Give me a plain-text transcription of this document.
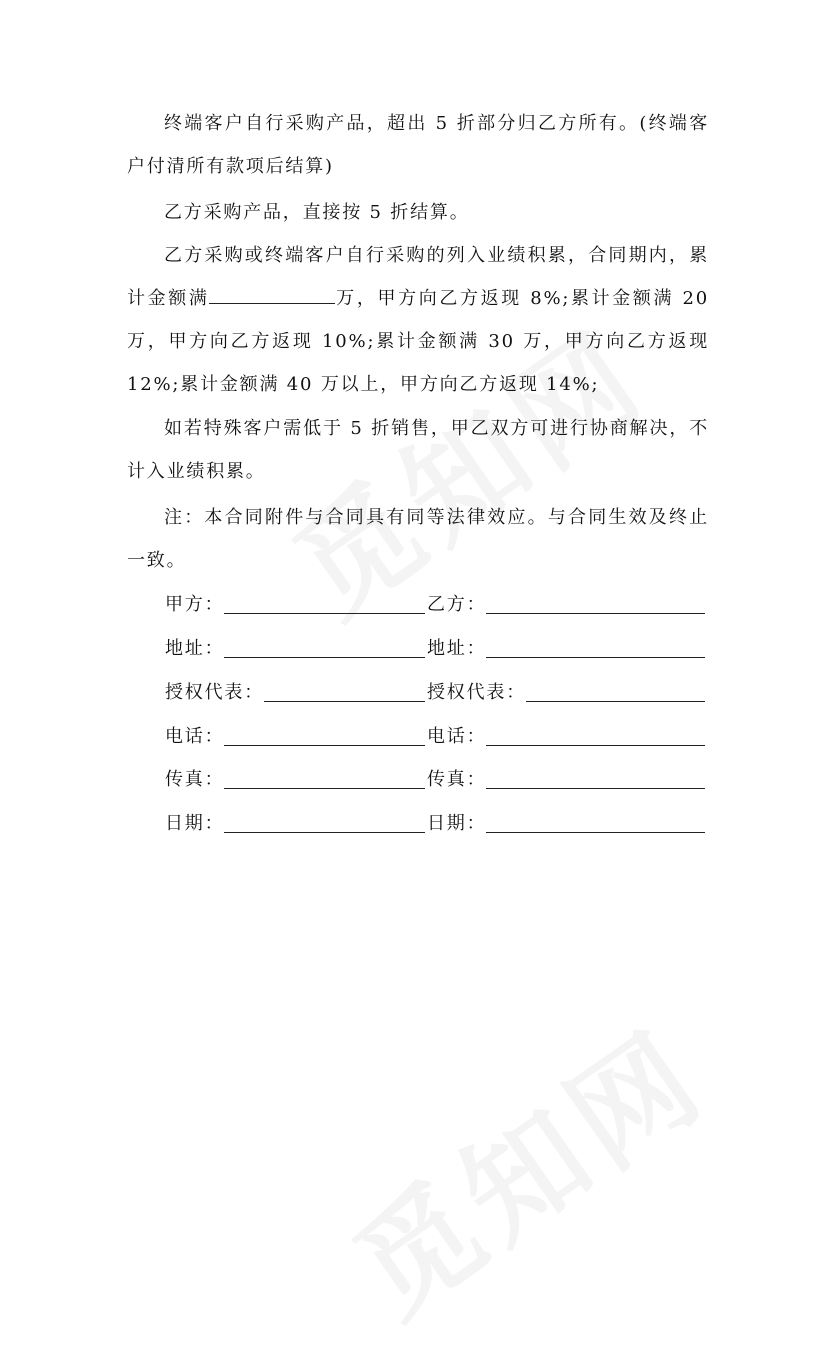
终端客户自行采购产品，超出 5 折部分归乙方所有。(终端客户付清所有款项后结算)

乙方采购产品，直接按 5 折结算。

乙方采购或终端客户自行采购的列入业绩积累，合同期内，累计金额满	万，甲方向乙方返现 8%;累计金额满 20 万，甲方向乙方返现 10%;累计金额满 30 万，甲方向乙方返现 12%;累计金额满 40 万以上，甲方向乙方返现 14%;

如若特殊客户需低于 5 折销售，甲乙双方可进行协商解决，不计入业绩积累。

注：本合同附件与合同具有同等法律效应。与合同生效及终止一致。

甲方：	乙方：
地址：	地址：
授权代表：	授权代表：
电话：	电话：
传真：	传真：
日期：	日期：
